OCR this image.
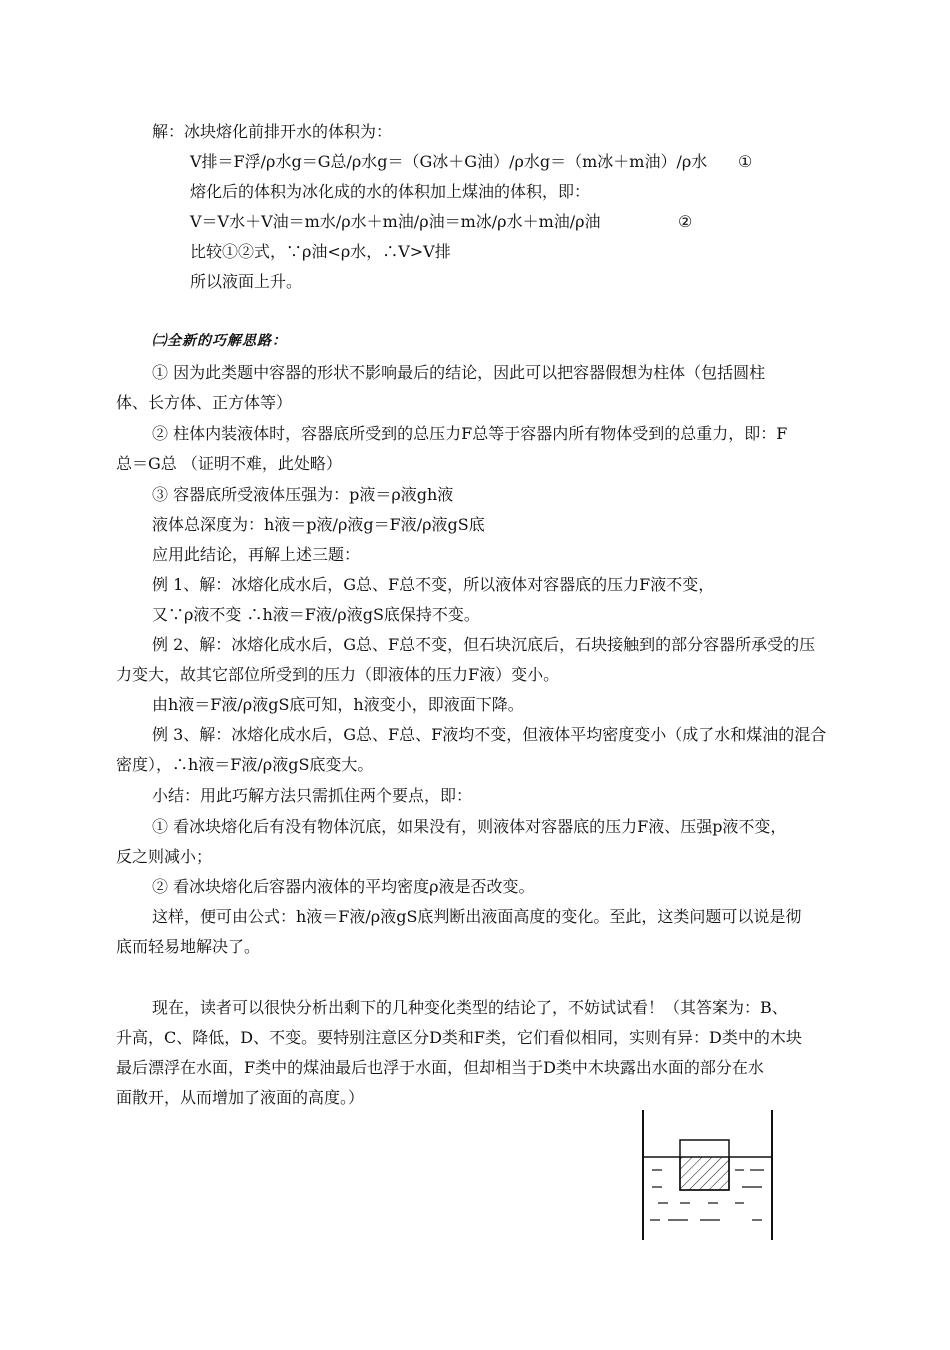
解：冰块熔化前排开水的体积为：
V排＝F浮/ρ水g＝G总/ρ水g＝（G冰＋G油）/ρ水g＝（m冰＋m油）/ρ水 ①
熔化后的体积为冰化成的水的体积加上煤油的体积，即：
V＝V水＋V油＝m水/ρ水＋m油/ρ油＝m冰/ρ水＋m油/ρ油	②
比较①②式，∵ρ油<ρ水，∴V>V排
所以液面上升。
㈡全新的巧解思路：
① 因为此类题中容器的形状不影响最后的结论，因此可以把容器假想为柱体（包括圆柱
体、长方体、正方体等）
② 柱体内装液体时，容器底所受到的总压力F总等于容器内所有物体受到的总重力，即：F
总＝G总 （证明不难，此处略）
③ 容器底所受液体压强为：p液＝ρ液gh液
液体总深度为：h液＝p液/ρ液g＝F液/ρ液gS底
应用此结论，再解上述三题：
例 1、解：冰熔化成水后，G总、F总不变，所以液体对容器底的压力F液不变，
又∵ρ液不变 ∴h液＝F液/ρ液gS底保持不变。
例 2、解：冰熔化成水后，G总、F总不变，但石块沉底后，石块接触到的部分容器所承受的压
力变大，故其它部位所受到的压力（即液体的压力F液）变小。
由h液＝F液/ρ液gS底可知，h液变小，即液面下降。
例 3、解：冰熔化成水后，G总、F总、F液均不变，但液体平均密度变小（成了水和煤油的混合
密度），∴h液＝F液/ρ液gS底变大。
小结：用此巧解方法只需抓住两个要点，即：
① 看冰块熔化后有没有物体沉底，如果没有，则液体对容器底的压力F液、压强p液不变，
反之则减小；
② 看冰块熔化后容器内液体的平均密度ρ液是否改变。
这样，便可由公式：h液＝F液/ρ液gS底判断出液面高度的变化。至此，这类问题可以说是彻
底而轻易地解决了。
现在，读者可以很快分析出剩下的几种变化类型的结论了，不妨试试看！（其答案为：B、
升高，C、降低，D、不变。要特别注意区分D类和F类，它们看似相同，实则有异：D类中的木块
最后漂浮在水面，F类中的煤油最后也浮于水面，但却相当于D类中木块露出水面的部分在水
面散开，从而增加了液面的高度。）
